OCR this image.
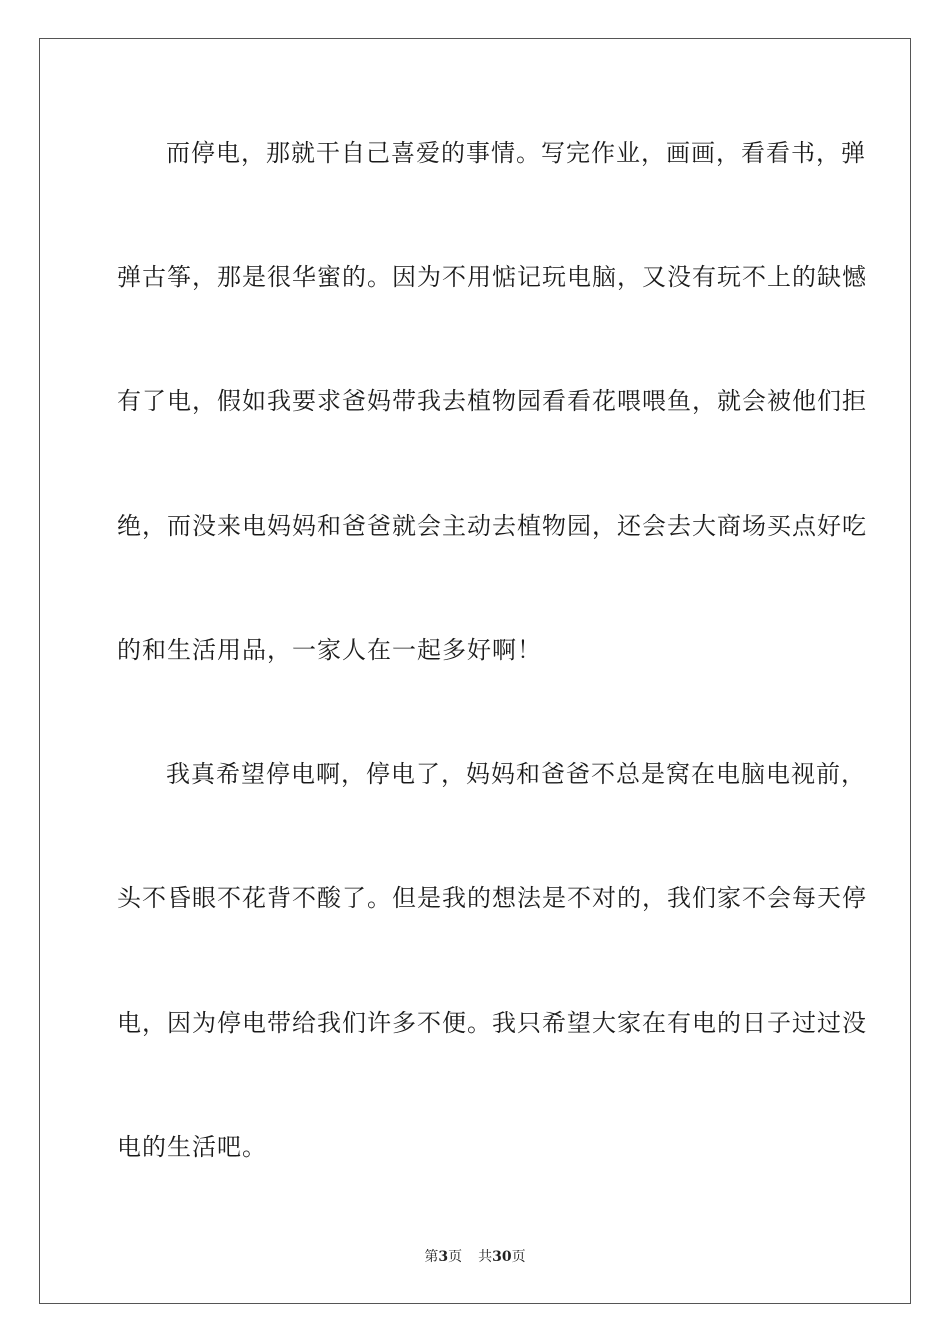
而停电，那就干自己喜爱的事情。写完作业，画画，看看书，弹
弹古筝，那是很华蜜的。因为不用惦记玩电脑，又没有玩不上的缺憾
有了电，假如我要求爸妈带我去植物园看看花喂喂鱼，就会被他们拒
绝，而没来电妈妈和爸爸就会主动去植物园，还会去大商场买点好吃
的和生活用品，一家人在一起多好啊！
我真希望停电啊，停电了，妈妈和爸爸不总是窝在电脑电视前，
头不昏眼不花背不酸了。但是我的想法是不对的，我们家不会每天停
电，因为停电带给我们许多不便。我只希望大家在有电的日子过过没
电的生活吧。
第3页 共30页
